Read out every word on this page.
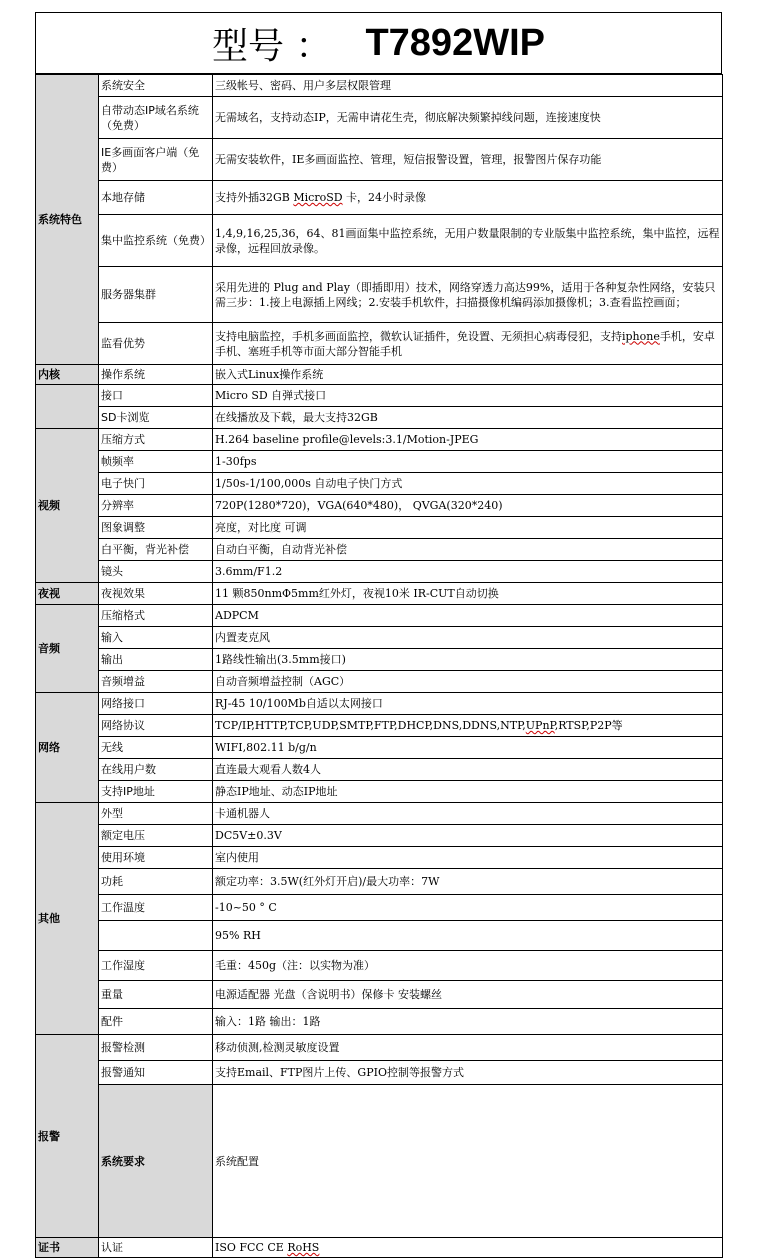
型号 ： T7892WIP
系统特色	系统安全	三级帐号、密码、用户多层权限管理	
	自带动态IP域名系统（免费）	无需域名，支持动态IP，无需申请花生壳，彻底解决频繁掉线问题，连接速度快	
	IE多画面客户端（免费）	无需安装软件，IE多画面监控、管理，短信报警设置，管理，报警图片保存功能	
	本地存储	支持外插32GB MicroSD 卡，24小时录像	
	集中监控系统（免费）	1,4,9,16,25,36，64、81画面集中监控系统，无用户数量限制的专业版集中监控系统，集中监控，远程录像，远程回放录像。	
	服务器集群	采用先进的 Plug and Play（即插即用）技术，网络穿透力高达99%，适用于各种复杂性网络，安装只需三步：1.接上电源插上网线；2.安装手机软件，扫描摄像机编码添加摄像机；3.查看监控画面；	
	监看优势	支持电脑监控，手机多画面监控，微软认证插件，免设置、无须担心病毒侵犯，支持iphone手机，安卓手机、塞班手机等市面大部分智能手机	
内核	操作系统	嵌入式Linux操作系统	
	接口	Micro SD 自弹式接口	
	SD卡浏览	在线播放及下载，最大支持32GB	
视频	压缩方式	H.264 baseline profile@levels:3.1/Motion-JPEG	
	帧频率	1-30fps	
	电子快门	1/50s-1/100,000s 自动电子快门方式	
	分辨率	720P(1280*720)，VGA(640*480)， QVGA(320*240)	
	图象调整	亮度，对比度 可调	
	白平衡，背光补偿	自动白平衡，自动背光补偿	
	镜头	3.6mm/F1.2	
夜视	夜视效果	11 颗850nmΦ5mm红外灯，夜视10米 IR-CUT自动切换	
音频	压缩格式	ADPCM	
	输入	内置麦克风	
	输出	1路线性输出(3.5mm接口)	
	音频增益	自动音频增益控制（AGC）	
网络	网络接口	RJ-45 10/100Mb自适以太网接口	
	网络协议	TCP/IP,HTTP,TCP,UDP,SMTP,FTP,DHCP,DNS,DDNS,NTP,UPnP,RTSP,P2P等	
	无线	WIFI,802.11 b/g/n	
	在线用户数	直连最大观看人数4人	
	支持IP地址	静态IP地址、动态IP地址	
其他	外型	卡通机器人	
	额定电压	DC5V±0.3V	
	使用环境	室内使用	
	功耗	额定功率：3.5W(红外灯开启)/最大功率：7W	
	工作温度	-10~50 ° C	
		95% RH	
	工作湿度	毛重：450g（注：以实物为准）	
	重量	电源适配器 光盘（含说明书）保修卡 安装螺丝	
	配件	输入：1路 输出：1路	
报警	报警检测	移动侦测,检测灵敏度设置	
	报警通知	支持Email、FTP图片上传、GPIO控制等报警方式	
	系统要求	系统配置	
证书	认证	ISO FCC CE RoHS	
